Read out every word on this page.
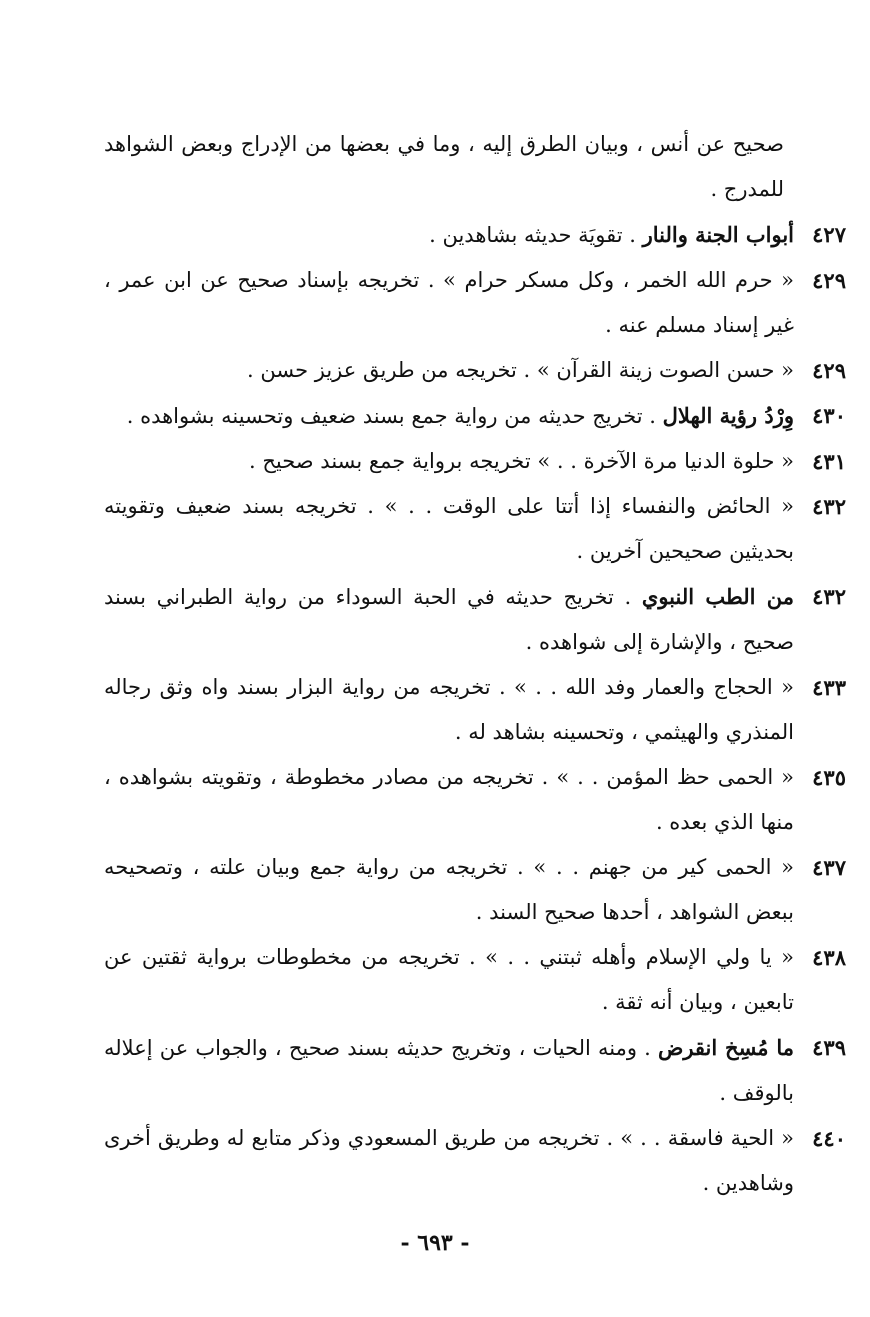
صحيح عن أنس ، وبيان الطرق إليه ، وما في بعضها من الإدراج وبعض الشواهد للمدرج .
٤٢٧
أبواب الجنة والنار . تقويَة حديثه بشاهدين .
٤٢٩
« حرم الله الخمر ، وكل مسكر حرام » . تخريجه بإسناد صحيح عن ابن عمر ، غير إسناد مسلم عنه .
٤٢٩
« حسن الصوت زينة القرآن » . تخريجه من طريق عزيز حسن .
٤٣٠
وِرْدُ رؤية الهلال . تخريج حديثه من رواية جمع بسند ضعيف وتحسينه بشواهده .
٤٣١
« حلوة الدنيا مرة الآخرة . . » تخريجه برواية جمع بسند صحيح .
٤٣٢
« الحائض والنفساء إذا أتتا على الوقت . . » . تخريجه بسند ضعيف وتقويته بحديثين صحيحين آخرين .
٤٣٢
من الطب النبوي . تخريج حديثه في الحبة السوداء من رواية الطبراني بسند صحيح ، والإشارة إلى شواهده .
٤٣٣
« الحجاج والعمار وفد الله . . » . تخريجه من رواية البزار بسند واه وثق رجاله المنذري والهيثمي ، وتحسينه بشاهد له .
٤٣٥
« الحمى حظ المؤمن . . » . تخريجه من مصادر مخطوطة ، وتقويته بشواهده ، منها الذي بعده .
٤٣٧
« الحمى كير من جهنم . . » . تخريجه من رواية جمع وبيان علته ، وتصحيحه ببعض الشواهد ، أحدها صحيح السند .
٤٣٨
« يا ولي الإسلام وأهله ثبتني . . » . تخريجه من مخطوطات برواية ثقتين عن تابعين ، وبيان أنه ثقة .
٤٣٩
ما مُسِخ انقرض . ومنه الحيات ، وتخريج حديثه بسند صحيح ، والجواب عن إعلاله بالوقف .
٤٤٠
« الحية فاسقة . . » . تخريجه من طريق المسعودي وذكر متابع له وطريق أخرى وشاهدين .
- ٦٩٣ -
